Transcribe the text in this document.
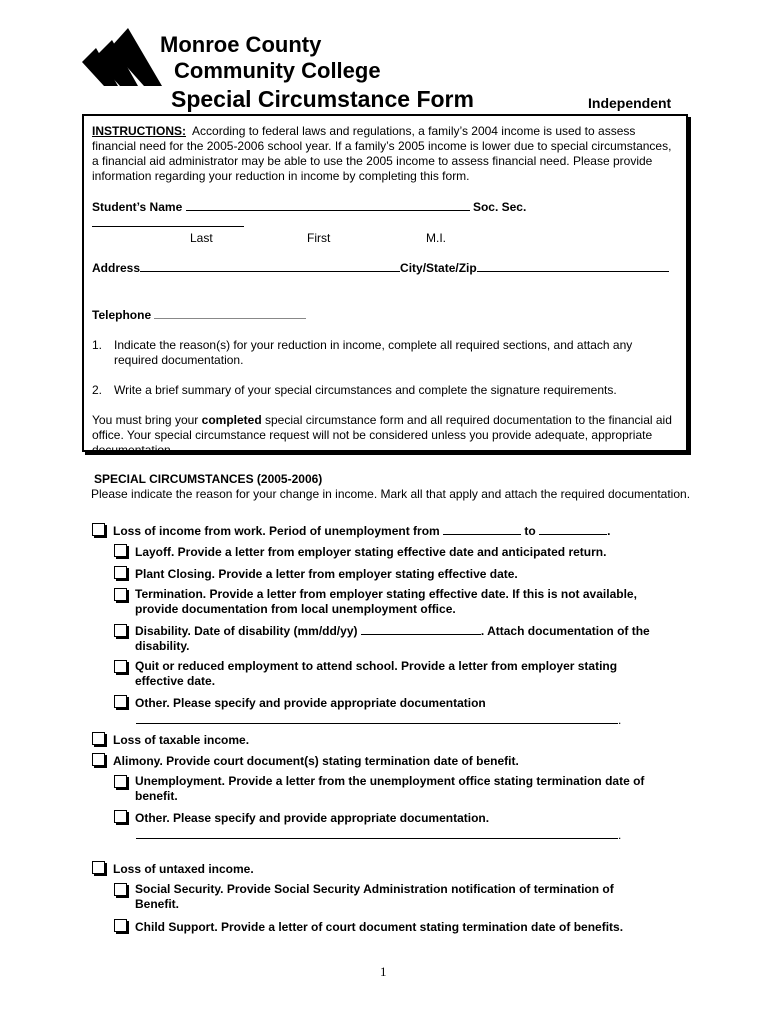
Monroe County
Community College
Special Circumstance Form	Independent
INSTRUCTIONS: According to federal laws and regulations, a family’s 2004 income is used to assess financial need for the 2005-2006 school year. If a family’s 2005 income is lower due to special circumstances, a financial aid administrator may be able to use the 2005 income to assess financial need. Please provide information regarding your reduction in income by completing this form.
Student’s Name	Soc. Sec.
Last	First	M.I.
Address	City/State/Zip
Telephone
1. Indicate the reason(s) for your reduction in income, complete all required sections, and attach any required documentation.
2. Write a brief summary of your special circumstances and complete the signature requirements.
You must bring your completed special circumstance form and all required documentation to the financial aid office. Your special circumstance request will not be considered unless you provide adequate, appropriate documentation.
SPECIAL CIRCUMSTANCES (2005-2006)
Please indicate the reason for your change in income. Mark all that apply and attach the required documentation.
Loss of income from work. Period of unemployment from	to	.
Layoff. Provide a letter from employer stating effective date and anticipated return.
Plant Closing. Provide a letter from employer stating effective date.
Termination. Provide a letter from employer stating effective date. If this is not available, provide documentation from local unemployment office.
Disability. Date of disability (mm/dd/yy)	. Attach documentation of the disability.
Quit or reduced employment to attend school. Provide a letter from employer stating effective date.
Other. Please specify and provide appropriate documentation
.
Loss of taxable income.
Alimony. Provide court document(s) stating termination date of benefit.
Unemployment. Provide a letter from the unemployment office stating termination date of benefit.
Other. Please specify and provide appropriate documentation.
.
Loss of untaxed income.
Social Security. Provide Social Security Administration notification of termination of Benefit.
Child Support. Provide a letter of court document stating termination date of benefits.
1
